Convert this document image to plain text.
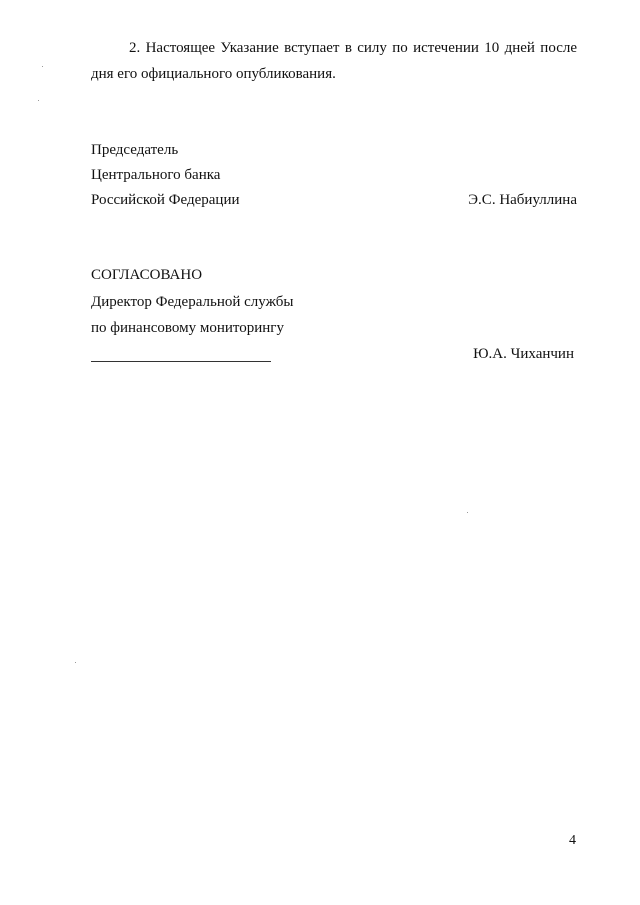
2. Настоящее Указание вступает в силу по истечении 10 дней после
дня его официального опубликования.
Председатель
Центрального банка
Российской Федерации	Э.С. Набиуллина
СОГЛАСОВАНО
Директор Федеральной службы
по финансовому мониторингу
Ю.А. Чиханчин
4
